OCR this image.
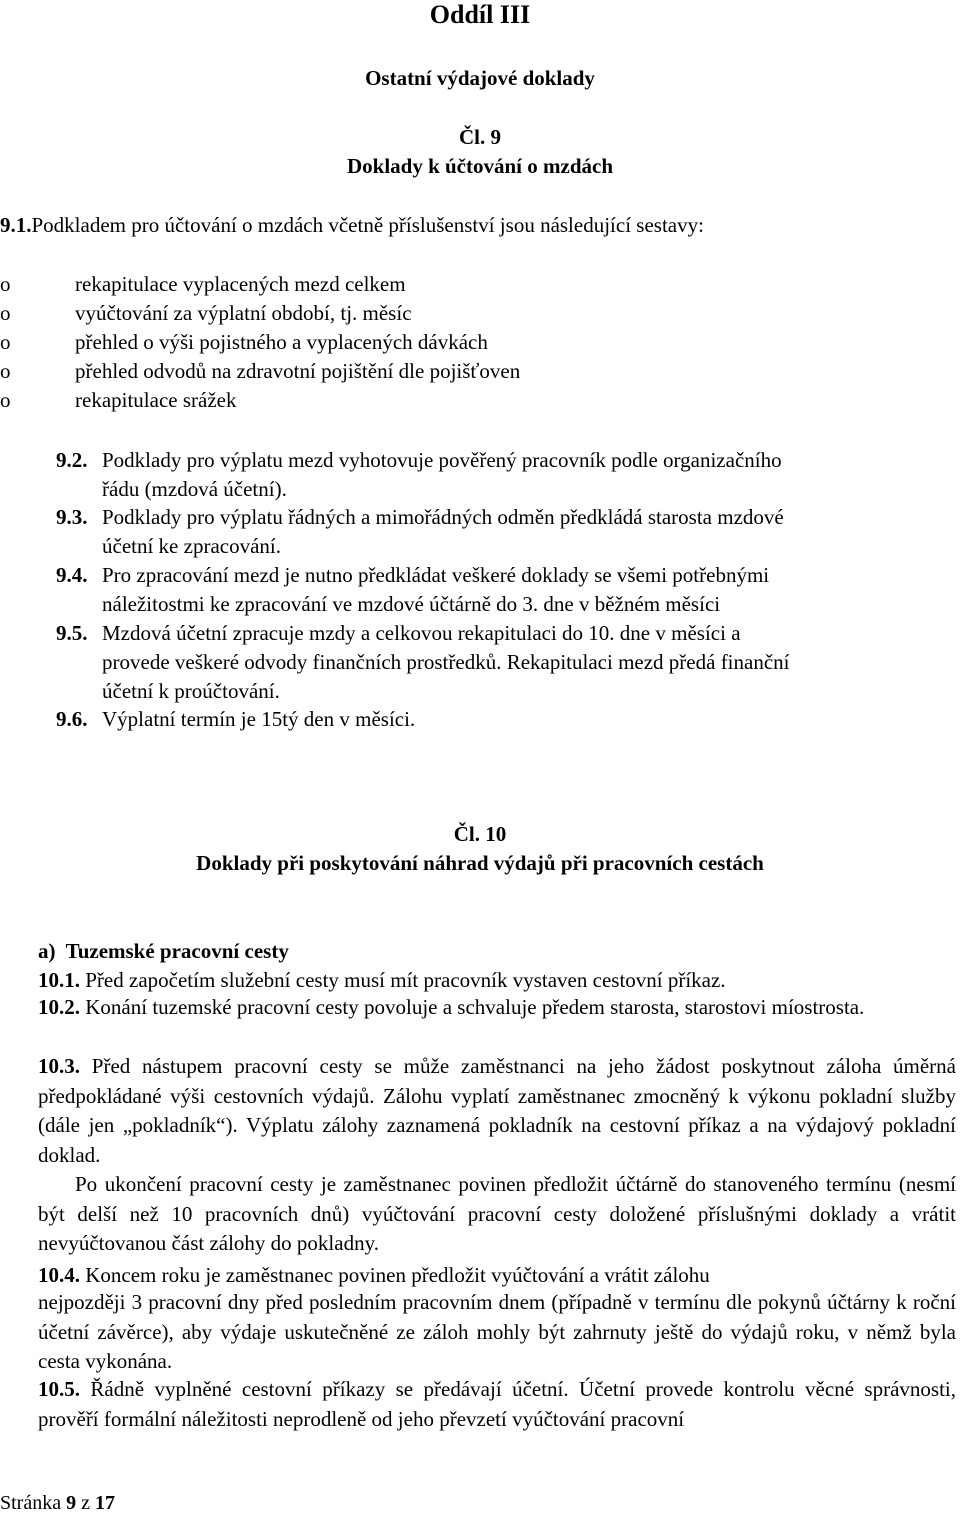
Oddíl III
Ostatní výdajové doklady
Čl. 9
Doklady k účtování o mzdách
9.1.Podkladem pro účtování o mzdách včetně příslušenství jsou následující sestavy:
o	rekapitulace vyplacených mezd celkem
o	vyúčtování za výplatní období, tj. měsíc
o	přehled o výši pojistného a vyplacených dávkách
o	přehled odvodů na zdravotní pojištění dle pojišťoven
o	rekapitulace srážek
9.2. Podklady pro výplatu mezd vyhotovuje pověřený pracovník podle organizačního
řádu (mzdová účetní).
9.3. Podklady pro výplatu řádných a mimořádných odměn předkládá starosta mzdové
účetní ke zpracování.
9.4. Pro zpracování mezd je nutno předkládat veškeré doklady se všemi potřebnými
náležitostmi ke zpracování ve mzdové účtárně do 3. dne v běžném měsíci
9.5. Mzdová účetní zpracuje mzdy a celkovou rekapitulaci do 10. dne v měsíci a
provede veškeré odvody finančních prostředků. Rekapitulaci mezd předá finanční
účetní k proúčtování.
9.6. Výplatní termín je 15tý den v měsíci.
Čl. 10
Doklady při poskytování náhrad výdajů při pracovních cestách
a)  Tuzemské pracovní cesty
10.1. Před započetím služební cesty musí mít pracovník vystaven cestovní příkaz.
10.2. Konání tuzemské pracovní cesty povoluje a schvaluje předem starosta, starostovi míostrosta.
10.3. Před nástupem pracovní cesty se může zaměstnanci na jeho žádost poskytnout záloha úměrná předpokládané výši cestovních výdajů. Zálohu vyplatí zaměstnanec zmocněný k výkonu pokladní služby (dále jen „pokladník“). Výplatu zálohy zaznamená pokladník na cestovní příkaz a na výdajový pokladní doklad.
Po ukončení pracovní cesty je zaměstnanec povinen předložit účtárně do stanoveného termínu (nesmí být delší než 10 pracovních dnů) vyúčtování pracovní cesty doložené příslušnými doklady a vrátit nevyúčtovanou část zálohy do pokladny.
10.4. Koncem roku je zaměstnanec povinen předložit vyúčtování a vrátit zálohu
nejpozději 3 pracovní dny před posledním pracovním dnem (případně v termínu dle pokynů účtárny k roční účetní závěrce), aby výdaje uskutečněné ze záloh mohly být zahrnuty ještě do výdajů roku, v němž byla cesta vykonána.
10.5. Řádně vyplněné cestovní příkazy se předávají účetní. Účetní provede kontrolu věcné správnosti, prověří formální náležitosti neprodleně od jeho převzetí vyúčtování pracovní
Stránka 9 z 17
